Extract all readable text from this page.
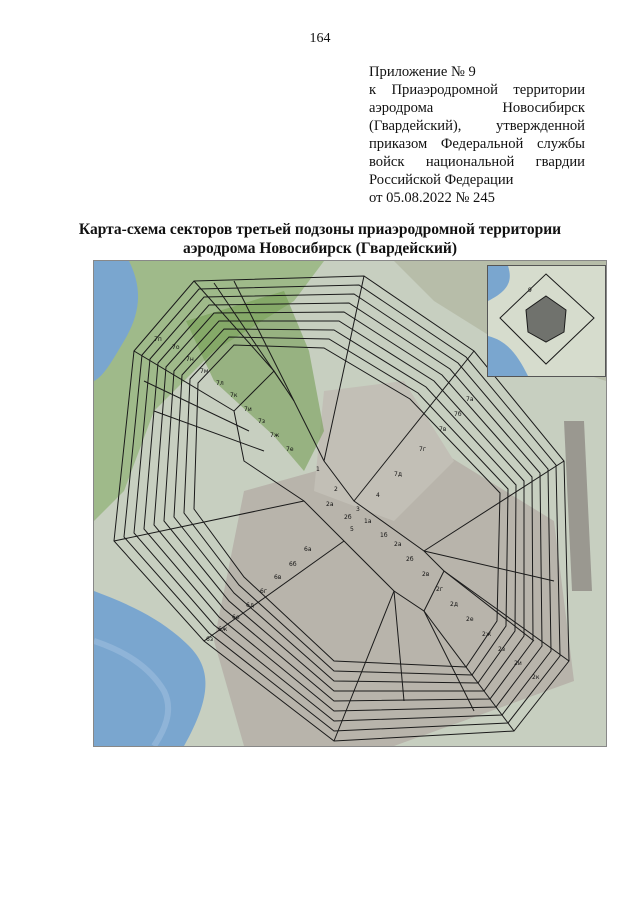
164
Приложение № 9
к Приаэродромной территории
аэродрома Новосибирск
(Гвардейский), утвержденной
приказом Федеральной службы
войск национальной гвардии
Российской Федерации
от 05.08.2022 № 245
Карта-схема секторов третьей подзоны приаэродромной территории
аэродрома Новосибирск (Гвардейский)
7п
7о
7н
7м
7л
7к
7и
7з
7ж
7е
7а
7б
7в
7г
7д
2а
2б
2в
2г
2д
2е
2ж
2з
2и
2к
6а
6б
6в
6г
6д
6е
6ж
6з
1
2
3
4
5
2а
2б
1а
1б
9
